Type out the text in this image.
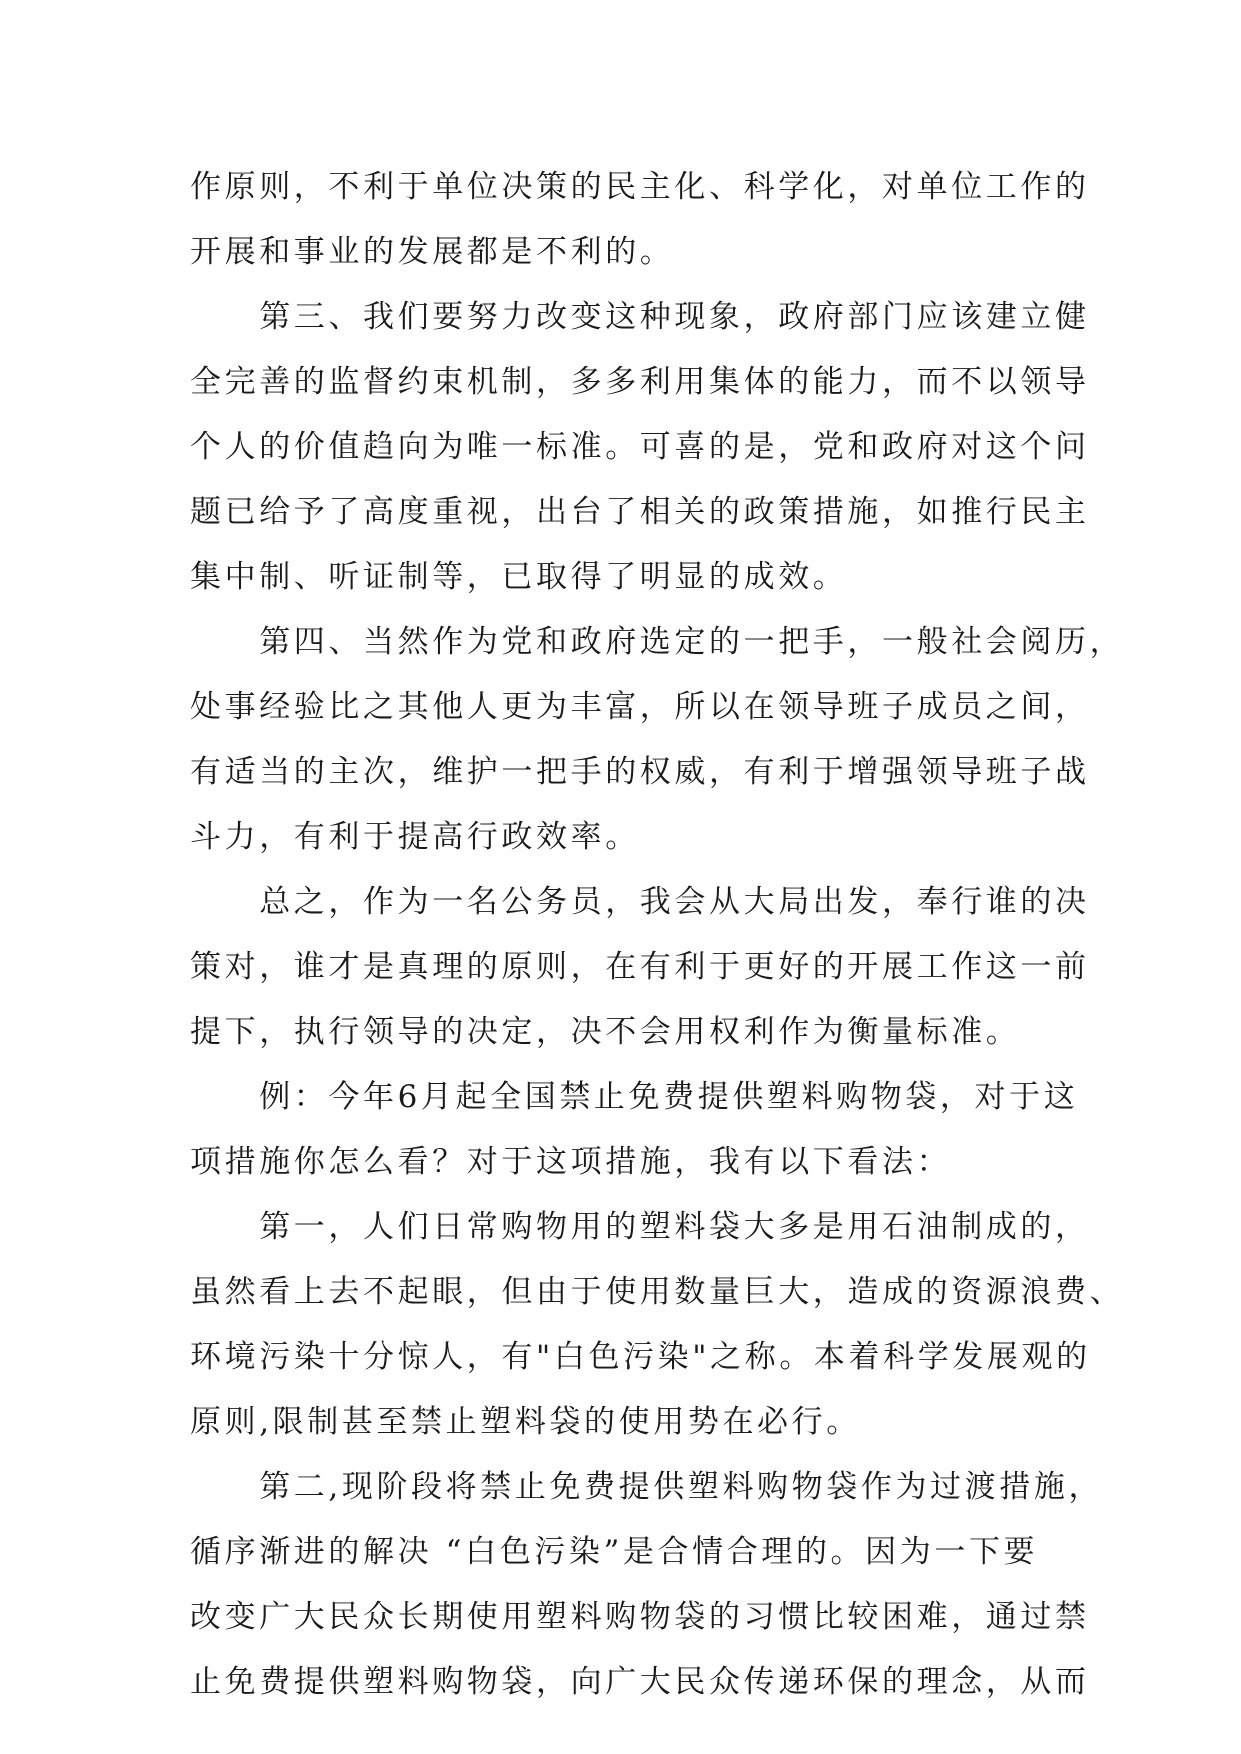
作原则，不利于单位决策的民主化、科学化，对单位工作的
开展和事业的发展都是不利的。
　　第三、我们要努力改变这种现象，政府部门应该建立健
全完善的监督约束机制，多多利用集体的能力，而不以领导
个人的价值趋向为唯一标准。可喜的是，党和政府对这个问
题已给予了高度重视，出台了相关的政策措施，如推行民主
集中制、听证制等，已取得了明显的成效。
　　第四、当然作为党和政府选定的一把手，一般社会阅历，
处事经验比之其他人更为丰富，所以在领导班子成员之间，
有适当的主次，维护一把手的权威，有利于增强领导班子战
斗力，有利于提高行政效率。
　　总之，作为一名公务员，我会从大局出发，奉行谁的决
策对，谁才是真理的原则，在有利于更好的开展工作这一前
提下，执行领导的决定，决不会用权利作为衡量标准。
　　例：今年6月起全国禁止免费提供塑料购物袋，对于这
项措施你怎么看？对于这项措施，我有以下看法：
　　第一，人们日常购物用的塑料袋大多是用石油制成的，
虽然看上去不起眼，但由于使用数量巨大，造成的资源浪费、
环境污染十分惊人，有"白色污染"之称。本着科学发展观的
原则,限制甚至禁止塑料袋的使用势在必行。
　　第二,现阶段将禁止免费提供塑料购物袋作为过渡措施，
循序渐进的解决 “白色污染”是合情合理的。因为一下要
改变广大民众长期使用塑料购物袋的习惯比较困难，通过禁
止免费提供塑料购物袋，向广大民众传递环保的理念，从而
